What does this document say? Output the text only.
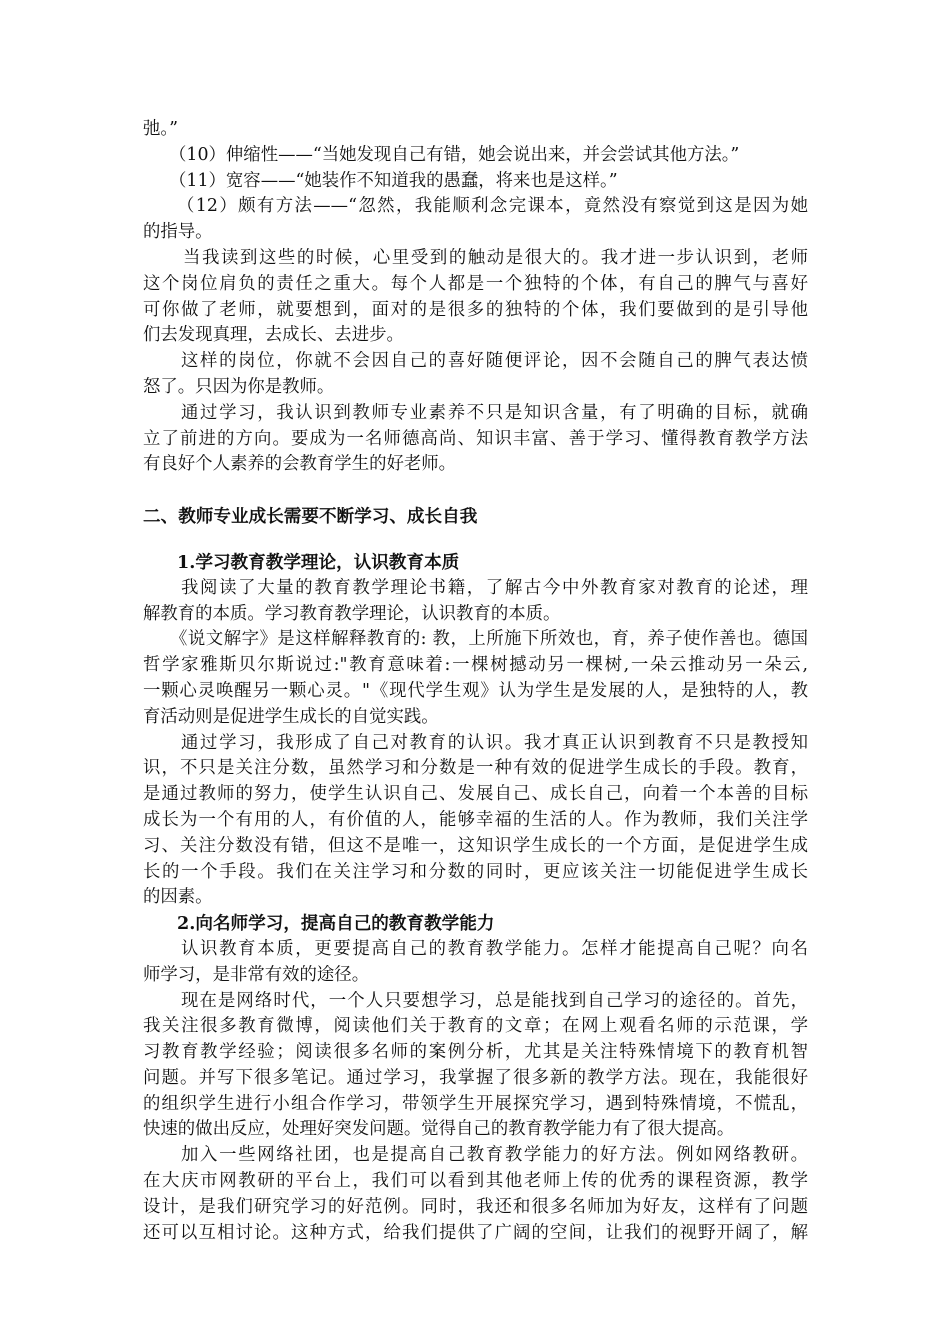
弛。”
（10）伸缩性——“当她发现自己有错，她会说出来，并会尝试其他方法。”
（11）宽容——“她装作不知道我的愚蠢，将来也是这样。”
（12）颇有方法——“忽然，我能顺利念完课本，竟然没有察觉到这是因为她
的指导。
当我读到这些的时候，心里受到的触动是很大的。我才进一步认识到，老师
这个岗位肩负的责任之重大。每个人都是一个独特的个体，有自己的脾气与喜好
可你做了老师，就要想到，面对的是很多的独特的个体，我们要做到的是引导他
们去发现真理，去成长、去进步。
这样的岗位，你就不会因自己的喜好随便评论，因不会随自己的脾气表达愤
怒了。只因为你是教师。
通过学习，我认识到教师专业素养不只是知识含量，有了明确的目标，就确
立了前进的方向。要成为一名师德高尚、知识丰富、善于学习、懂得教育教学方法
有良好个人素养的会教育学生的好老师。
二、教师专业成长需要不断学习、成长自我
1.学习教育教学理论，认识教育本质
我阅读了大量的教育教学理论书籍，了解古今中外教育家对教育的论述，理
解教育的本质。学习教育教学理论，认识教育的本质。
《说文解字》是这样解释教育的: 教，上所施下所效也，育，养子使作善也。德国
哲学家雅斯贝尔斯说过:"教育意味着:一棵树撼动另一棵树,一朵云推动另一朵云,
一颗心灵唤醒另一颗心灵。"《现代学生观》认为学生是发展的人，是独特的人，教
育活动则是促进学生成长的自觉实践。
通过学习，我形成了自己对教育的认识。我才真正认识到教育不只是教授知
识，不只是关注分数，虽然学习和分数是一种有效的促进学生成长的手段。教育，
是通过教师的努力，使学生认识自己、发展自己、成长自己，向着一个本善的目标
成长为一个有用的人，有价值的人，能够幸福的生活的人。作为教师，我们关注学
习、关注分数没有错，但这不是唯一，这知识学生成长的一个方面，是促进学生成
长的一个手段。我们在关注学习和分数的同时，更应该关注一切能促进学生成长
的因素。
2.向名师学习，提高自己的教育教学能力
认识教育本质，更要提高自己的教育教学能力。怎样才能提高自己呢？向名
师学习，是非常有效的途径。
现在是网络时代，一个人只要想学习，总是能找到自己学习的途径的。首先，
我关注很多教育微博，阅读他们关于教育的文章；在网上观看名师的示范课，学
习教育教学经验；阅读很多名师的案例分析，尤其是关注特殊情境下的教育机智
问题。并写下很多笔记。通过学习，我掌握了很多新的教学方法。现在，我能很好
的组织学生进行小组合作学习，带领学生开展探究学习，遇到特殊情境，不慌乱，
快速的做出反应，处理好突发问题。觉得自己的教育教学能力有了很大提高。
加入一些网络社团，也是提高自己教育教学能力的好方法。例如网络教研。
在大庆市网教研的平台上，我们可以看到其他老师上传的优秀的课程资源，教学
设计，是我们研究学习的好范例。同时，我还和很多名师加为好友，这样有了问题
还可以互相讨论。这种方式，给我们提供了广阔的空间，让我们的视野开阔了，解
